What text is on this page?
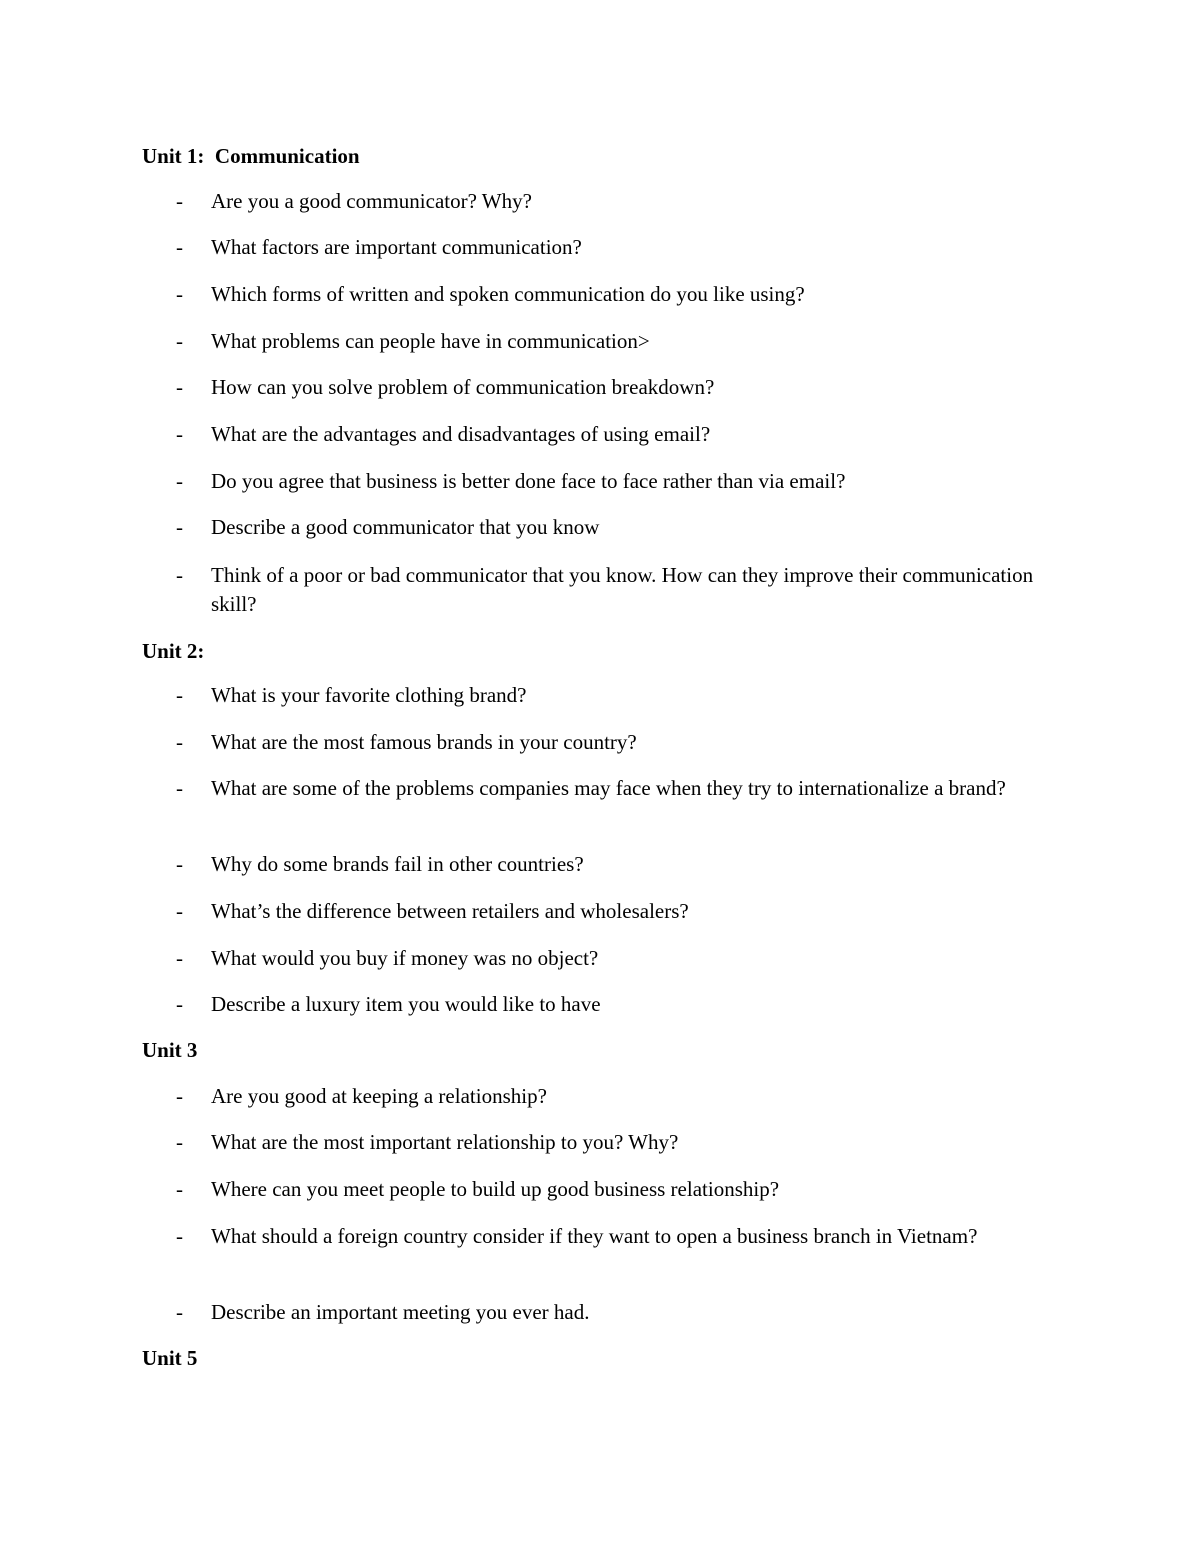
Unit 1:  Communication
-	Are you a good communicator? Why?
-	What factors are important communication?
-	Which forms of written and spoken communication do you like using?
-	What problems can people have in communication>
-	How can you solve problem of communication breakdown?
-	What are the advantages and disadvantages of using email?
-	Do you agree that business is better done face to face rather than via email?
-	Describe a good communicator that you know
-	Think of a poor or bad communicator that you know. How can they improve their communication skill?
Unit 2:
-	What is your favorite clothing brand?
-	What are the most famous brands in your country?
-	What are some of the problems companies may face when they try to internationalize a brand?
-	Why do some brands fail in other countries?
-	What’s the difference between retailers and wholesalers?
-	What would you buy if money was no object?
-	Describe a luxury item you would like to have
Unit 3
-	Are you good at keeping a relationship?
-	What are the most important relationship to you? Why?
-	Where can you meet people to build up good business relationship?
-	What should a foreign country consider if they want to open a business branch in Vietnam?
-	Describe an important meeting you ever had.
Unit 5
